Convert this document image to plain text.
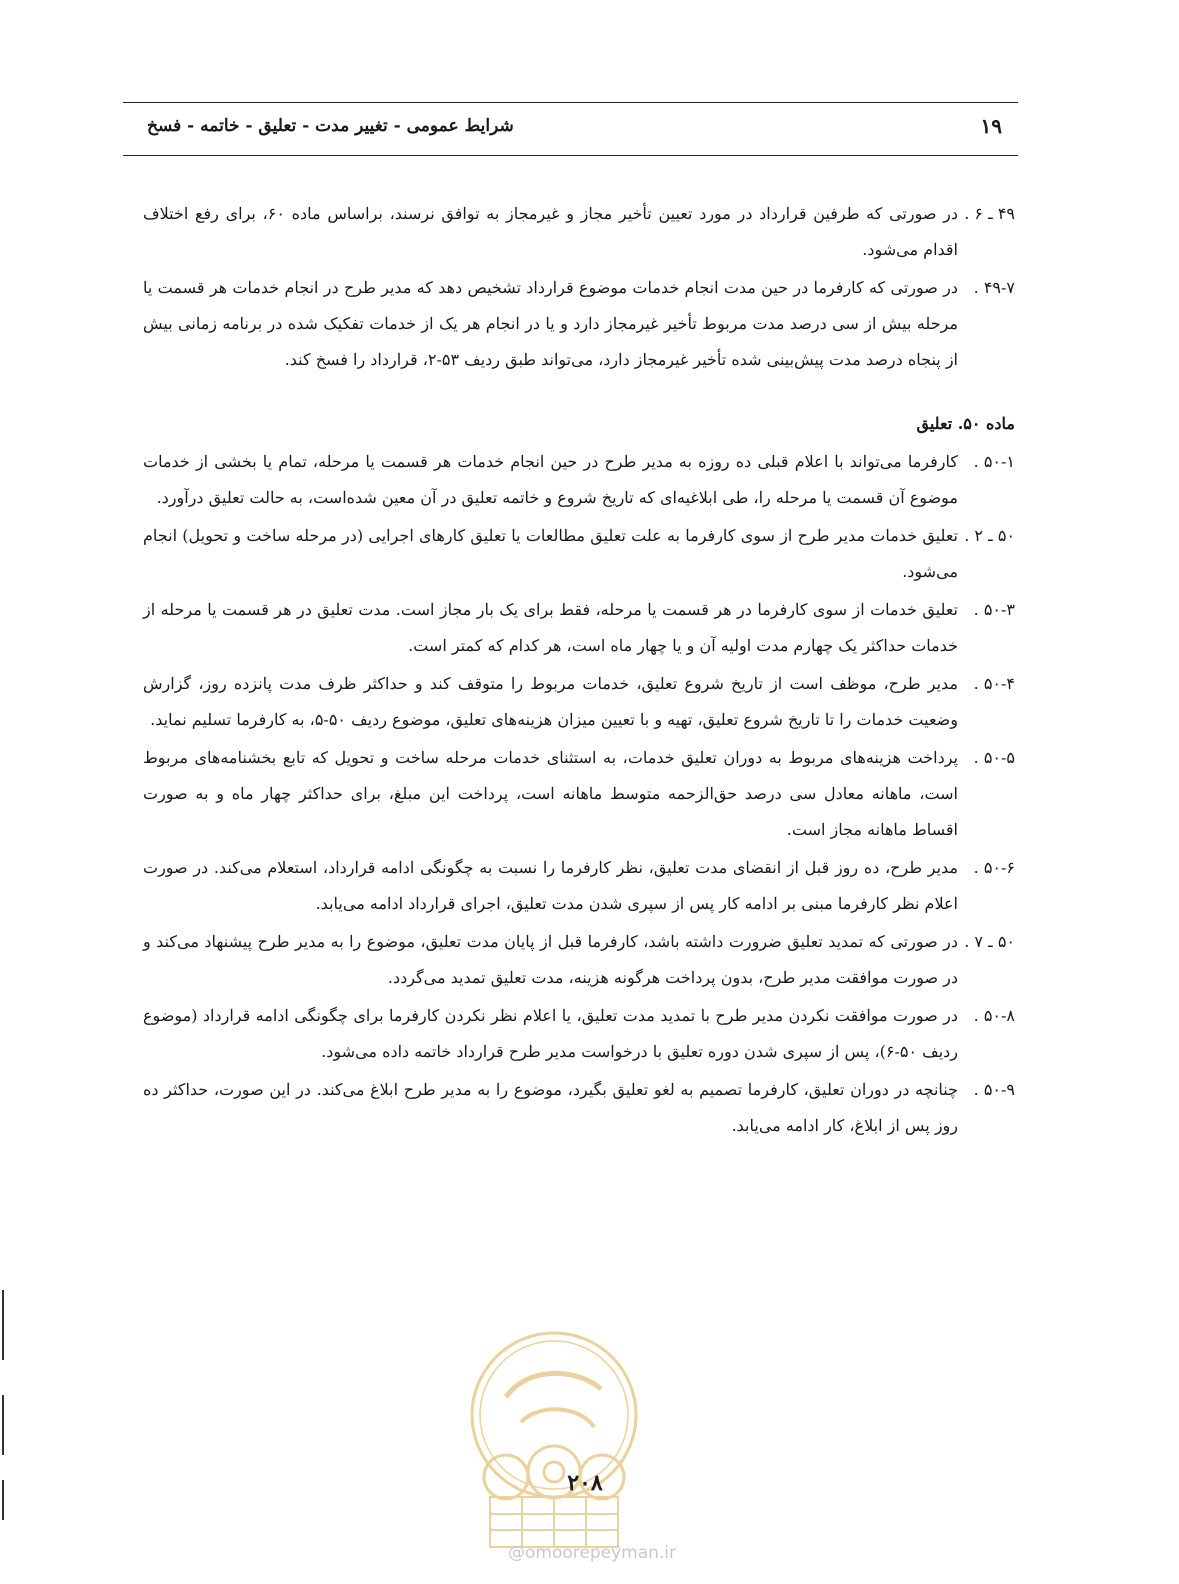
شرایط عمومی - تغییر مدت - تعلیق - خاتمه - فسخ	۱۹
۴۹ ـ ۶ .
در صورتی که طرفین قرارداد در مورد تعیین تأخیر مجاز و غیرمجاز به توافق نرسند، براساس ماده ۶۰، برای رفع اختلاف اقدام می‌شود.
۴۹-۷ .
در صورتی که کارفرما در حین مدت انجام خدمات موضوع قرارداد تشخیص دهد که مدیر طرح در انجام خدمات هر قسمت یا مرحله بیش از سی درصد مدت مربوط تأخیر غیرمجاز دارد و یا در انجام هر یک از خدمات تفکیک شده در برنامه زمانی بیش از پنجاه درصد مدت پیش‌بینی شده تأخیر غیرمجاز دارد، می‌تواند طبق ردیف ۵۳-۲، قرارداد را فسخ کند.
ماده ۵۰. تعلیق
۵۰-۱ .
کارفرما می‌تواند با اعلام قبلی ده روزه به مدیر طرح در حین انجام خدمات هر قسمت یا مرحله، تمام یا بخشی از خدمات موضوع آن قسمت یا مرحله را، طی ابلاغیه‌ای که تاریخ شروع و خاتمه تعلیق در آن معین شده‌است، به حالت تعلیق درآورد.
۵۰ ـ ۲ .
تعلیق خدمات مدیر طرح از سوی کارفرما به علت تعلیق مطالعات یا تعلیق کارهای اجرایی (در مرحله ساخت و تحویل) انجام می‌شود.
۵۰-۳ .
تعلیق خدمات از سوی کارفرما در هر قسمت یا مرحله، فقط برای یک بار مجاز است. مدت تعلیق در هر قسمت یا مرحله از خدمات حداکثر یک چهارم مدت اولیه آن و یا چهار ماه است، هر کدام که کمتر است.
۵۰-۴ .
مدیر طرح، موظف است از تاریخ شروع تعلیق، خدمات مربوط را متوقف کند و حداکثر ظرف مدت پانزده روز، گزارش وضعیت خدمات را تا تاریخ شروع تعلیق، تهیه و با تعیین میزان هزینه‌های تعلیق، موضوع ردیف ۵۰-۵، به کارفرما تسلیم نماید.
۵۰-۵ .
پرداخت هزینه‌های مربوط به دوران تعلیق خدمات، به استثنای خدمات مرحله ساخت و تحویل که تابع بخشنامه‌های مربوط است، ماهانه معادل سی درصد حق‌الزحمه متوسط ماهانه است، پرداخت این مبلغ، برای حداکثر چهار ماه و به صورت اقساط ماهانه مجاز است.
۵۰-۶ .
مدیر طرح، ده روز قبل از انقضای مدت تعلیق، نظر کارفرما را نسبت به چگونگی ادامه قرارداد، استعلام می‌کند. در صورت اعلام نظر کارفرما مبنی بر ادامه کار پس از سپری شدن مدت تعلیق، اجرای قرارداد ادامه می‌یابد.
۵۰ ـ ۷ .
در صورتی که تمدید تعلیق ضرورت داشته باشد، کارفرما قبل از پایان مدت تعلیق، موضوع را به مدیر طرح پیشنهاد می‌کند و در صورت موافقت مدیر طرح، بدون پرداخت هرگونه هزینه، مدت تعلیق تمدید می‌گردد.
۵۰-۸ .
در صورت موافقت نکردن مدیر طرح با تمدید مدت تعلیق، یا اعلام نظر نکردن کارفرما برای چگونگی ادامه قرارداد (موضوع ردیف ۵۰-۶)، پس از سپری شدن دوره تعلیق با درخواست مدیر طرح قرارداد خاتمه داده می‌شود.
۵۰-۹ .
چنانچه در دوران تعلیق، کارفرما تصمیم به لغو تعلیق بگیرد، موضوع را به مدیر طرح ابلاغ می‌کند. در این صورت، حداکثر ده روز پس از ابلاغ، کار ادامه می‌یابد.
۲۰۸
@omoorepeyman.ir
